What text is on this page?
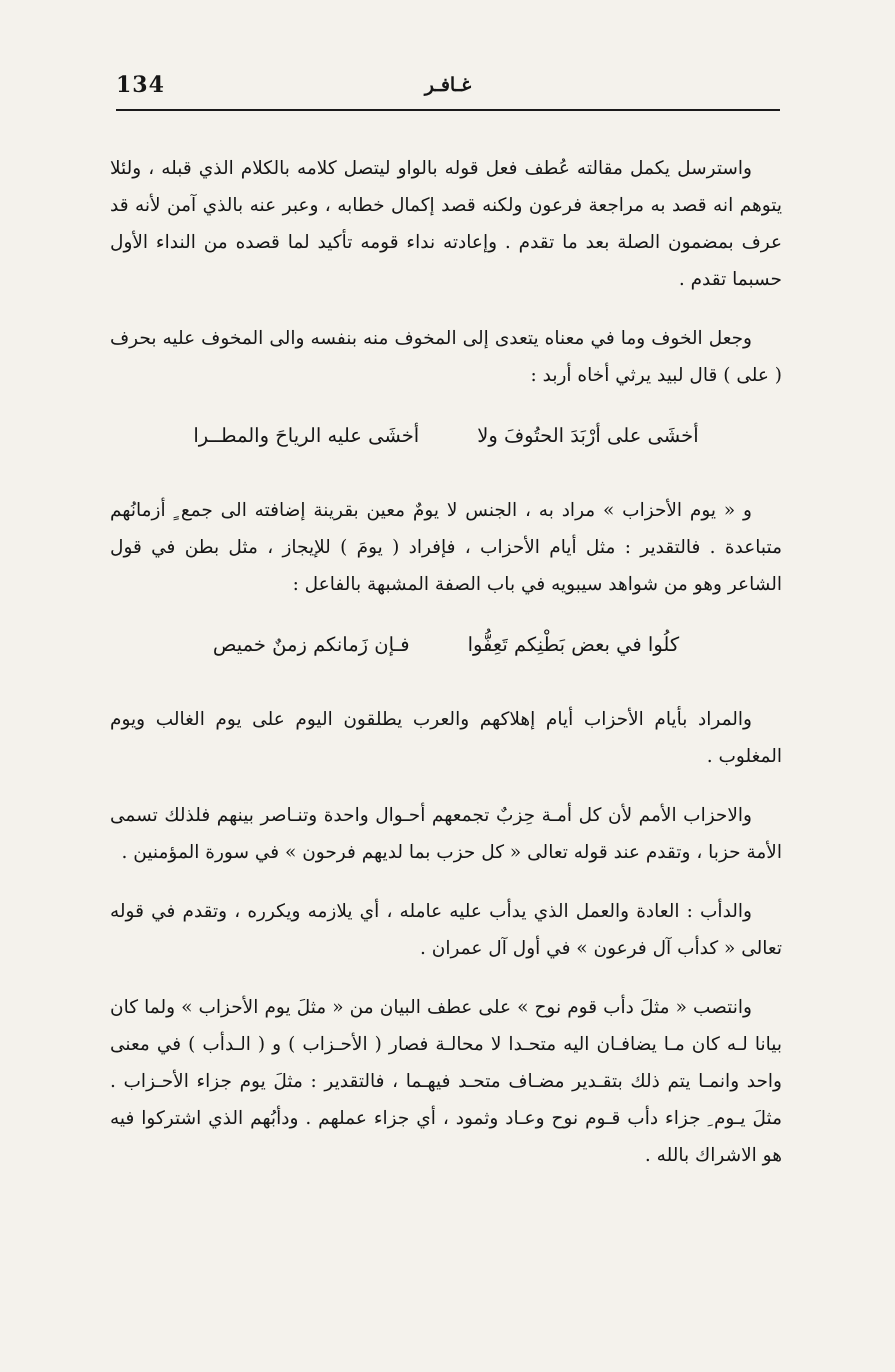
134	غـافـر

واسترسل يكمل مقالته عُطف فعل قوله بالواو ليتصل كلامه بالكلام الذي قبله ، ولئلا يتوهم انه قصد به مراجعة فرعون ولكنه قصد إكمال خطابه ، وعبر عنه بالذي آمن لأنه قد عرف بمضمون الصلة بعد ما تقدم . وإعادته نداء قومه تأكيد لما قصده من النداء الأول حسبما تقدم .

وجعل الخوف وما في معناه يتعدى إلى المخوف منه بنفسه والى المخوف عليه بحرف ( على ) قال لبيد يرثي أخاه أربد :

أخشَى على أرْبَدَ الحتُوفَ ولا
أخشَى عليه الرياحَ والمطــرا

و « يوم الأحزاب » مراد به ، الجنس لا يومٌ معين بقرينة إضافته الى جمع ٍ أزمانُهم متباعدة . فالتقدير : مثل أيام الأحزاب ، فإفراد ( يومَ ) للإيجاز ، مثل بطن في قول الشاعر وهو من شواهد سيبويه في باب الصفة المشبهة بالفاعل :

كلُوا في بعض بَطْنِكم تَعِفُّوا
فـإن زَمانكم زمنٌ خميص

والمراد بأيام الأحزاب أيام إهلاكهم والعرب يطلقون اليوم على يوم الغالب ويوم المغلوب .

والاحزاب الأمم لأن كل أمـة حِزبٌ تجمعهم أحـوال واحدة وتنـاصر بينهم فلذلك تسمى الأمة حزبا ، وتقدم عند قوله تعالى « كل حزب بما لديهم فرحون » في سورة المؤمنين .

والدأب : العادة والعمل الذي يدأب عليه عامله ، أي يلازمه ويكرره ، وتقدم في قوله تعالى « كدأب آل فرعون » في أول آل عمران .

وانتصب « مثلَ دأب قوم نوح » على عطف البيان من « مثلَ يوم الأحزاب » ولما كان بيانا لـه كان مـا يضافـان اليه متحـدا لا محالـة فصار ( الأحـزاب ) و ( الـدأب ) في معنى واحد وانمـا يتم ذلك بتقـدير مضـاف متحـد فيهـما ، فالتقدير : مثلَ يوم جزاء الأحـزاب . مثلَ يـوم ِ جزاء دأب قـوم نوح وعـاد وثمود ، أي جزاء عملهم . ودأبُهم الذي اشتركوا فيه هو الاشراك بالله .
